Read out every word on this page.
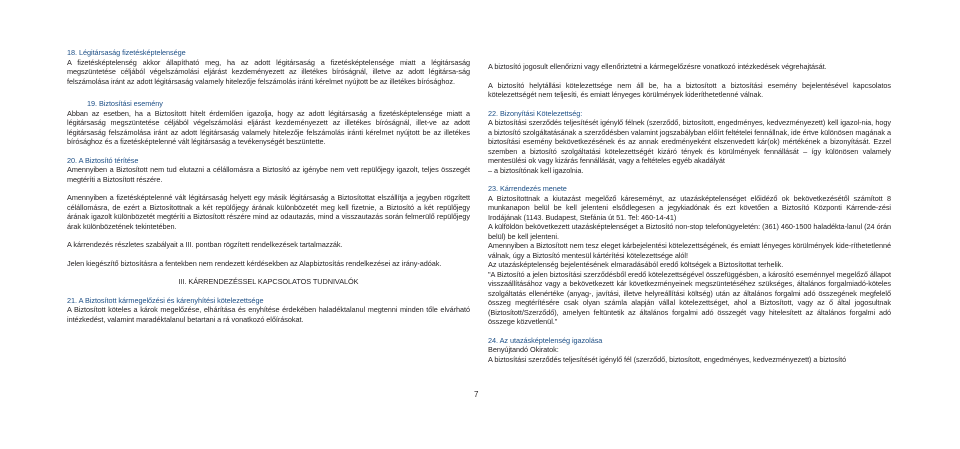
18. Légitársaság fizetésképtelensége

A fizetésképtelenség akkor állapítható meg, ha az adott légitársaság a fizetésképtelensége miatt a légitársaság megszüntetése céljából végelszámolási eljárást kezdeményezett az illetékes bíróságnál, illetve az adott légitársa-ság felszámolása iránt az adott légitársaság valamely hitelezője felszámolás iránti kérelmet nyújtott be az illetékes bírósághoz.

19. Biztosítási esemény

Abban az esetben, ha a Biztosított hitelt érdemlően igazolja, hogy az adott légitársaság a fizetésképtelensége miatt a légitársaság megszüntetése céljából végelszámolási eljárást kezdeményezett az illetékes bíróságnál, illet-ve az adott légitársaság felszámolása iránt az adott légitársaság valamely hitelezője felszámolás iránti kérelmet nyújtott be az illetékes bírósághoz és a fizetésképtelenné vált légitársaság a tevékenységét beszüntette.

20. A Biztosító térítése

Amennyiben a Biztosított nem tud elutazni a célállomásra a Biztosító az igénybe nem vett repülőjegy igazolt, teljes összegét megtéríti a Biztosított részére.

Amennyiben a fizetésképtelenné vált légitársaság helyett egy másik légitársaság a Biztosítottat elszállítja a jegyben rögzített célállomásra, de ezért a Biztosítottnak a két repülőjegy árának különbözetét meg kell fizetnie, a Biztosító a két repülőjegy árának igazolt különbözetét megtéríti a Biztosított részére mind az odautazás, mind a visszautazás során felmerülő repülőjegy árak különbözetének tekintetében.

A kárrendezés részletes szabályait a III. pontban rögzített rendelkezések tartalmazzák.

Jelen kiegészítő biztosításra a fentekben nem rendezett kérdésekben az Alapbiztosítás rendelkezései az irány-adóak.

III. KÁRRENDEZÉSSEL KAPCSOLATOS TUDNIVALÓK

21. A Biztosított kármegelőzési és kárenyhítési kötelezettsége

A Biztosított köteles a károk megelőzése, elhárítása és enyhítése érdekében haladéktalanul megtenni minden tőle elvárható intézkedést, valamint maradéktalanul betartani a rá vonatkozó előírásokat.

A biztosító jogosult ellenőrizni vagy ellenőriztetni a kármegelőzésre vonatkozó intézkedések végrehajtását.

A biztosító helytállási kötelezettsége nem áll be, ha a biztosított a biztosítási esemény bejelentésével kapcsolatos kötelezettségét nem teljesíti, és emiatt lényeges körülmények kideríthetetlenné válnak.

22. Bizonyítási Kötelezettség:

A biztosítási szerződés teljesítését igénylő félnek (szerződő, biztosított, engedményes, kedvezményezett) kell igazol-nia, hogy a biztosító szolgáltatásának a szerződésben valamint jogszabályban előírt feltételei fennállnak, ide értve különösen magának a biztosítási esemény bekövetkezésének és az annak eredményeként elszenvedett kár(ok) mértékének a bizonyítását. Ezzel szemben a biztosító szolgáltatási kötelezettségét kizáró tények és körülmények fennállását – így különösen valamely mentesülési ok vagy kizárás fennállását, vagy a feltételes egyéb akadályát

– a biztosítónak kell igazolnia.

23. Kárrendezés menete

A Biztosítottnak a kiutazást megelőző káreseményt, az utazásképtelenséget előidéző ok bekövetkezésétől számított 8 munkanapon belül be kell jelenteni elsődlegesen a jegykiadónak és ezt követően a Biztosító Központi Kárrende-zési Irodájának (1143. Budapest, Stefánia út 51. Tel: 460-14-41)

A külföldön bekövetkezett utazásképtelenséget a Biztosító non-stop telefonügyeletén: (361) 460-1500 haladékta-lanul (24 órán belül) be kell jelenteni.

Amennyiben a Biztosított nem tesz eleget kárbejelentési kötelezettségének, és emiatt lényeges körülmények kide-ríthetetlenné válnak, úgy a Biztosító mentesül kártérítési kötelezettsége alól!

Az utazásképtelenség bejelentésének elmaradásából eredő költségek a Biztosítottat terhelik.

"A Biztosító a jelen biztosítási szerződésből eredő kötelezettségével összefüggésben, a károsító eseménnyel megelőző állapot visszaállításához vagy a bekövetkezett kár következményeinek megszüntetéséhez szükséges, általános forgalmiadó-köteles szolgáltatás ellenértéke (anyag-, javítási, illetve helyreállítási költség) után az általános forgalmi adó összegének megfelelő összeg megtérítésére csak olyan számla alapján vállal kötelezettséget, ahol a Biztosított, vagy az ő által jogosultnak (Biztosított/Szerződő), amelyen feltüntetik az általános forgalmi adó összegét vagy hitelesített az általános forgalmi adó összege közvetlenül."

24. Az utazásképtelenség igazolása

Benyújtandó Okiratok:

A biztosítási szerződés teljesítését igénylő fél (szerződő, biztosított, engedményes, kedvezményezett) a biztosító

7
